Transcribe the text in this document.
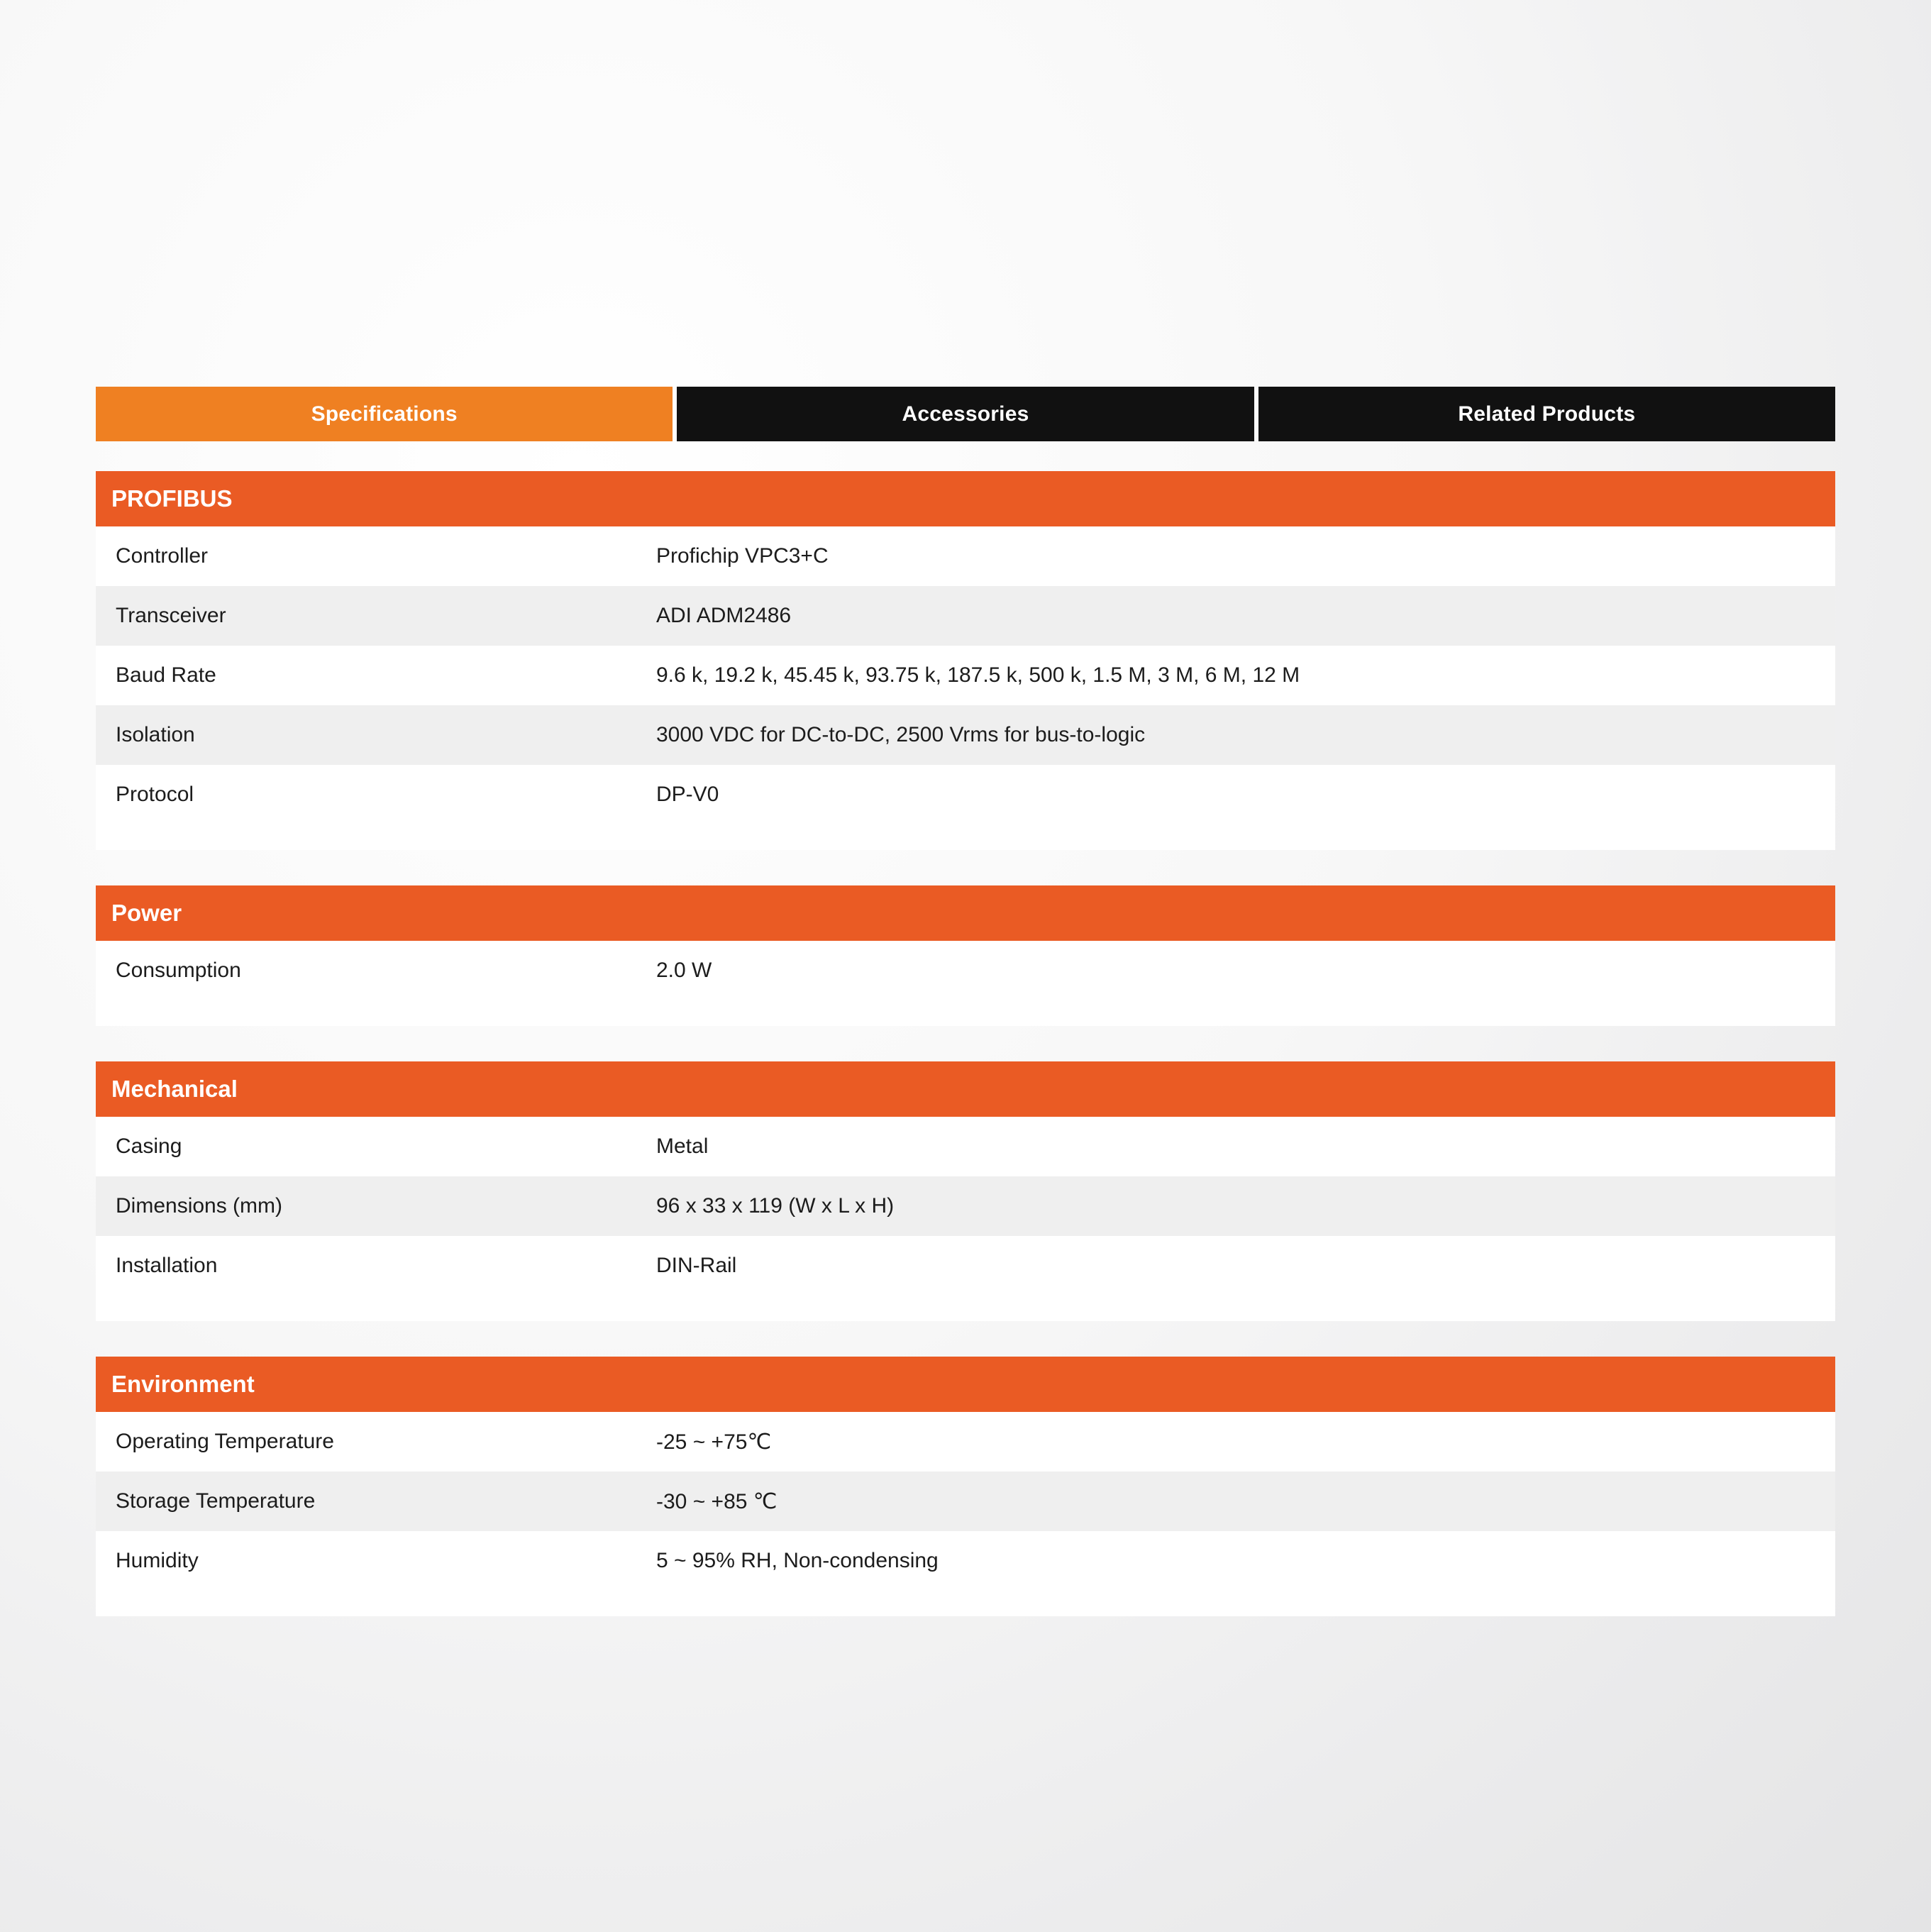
Specifications	Accessories	Related Products
PROFIBUS
Controller	Profichip VPC3+C
Transceiver	ADI ADM2486
Baud Rate	9.6 k, 19.2 k, 45.45 k, 93.75 k, 187.5 k, 500 k, 1.5 M, 3 M, 6 M, 12 M
Isolation	3000 VDC for DC-to-DC, 2500 Vrms for bus-to-logic
Protocol	DP-V0
Power
Consumption	2.0 W
Mechanical
Casing	Metal
Dimensions (mm)	96 x 33 x 119 (W x L x H)
Installation	DIN-Rail
Environment
Operating Temperature	-25 ~ +75℃
Storage Temperature	-30 ~ +85 ℃
Humidity	5 ~ 95% RH, Non-condensing
